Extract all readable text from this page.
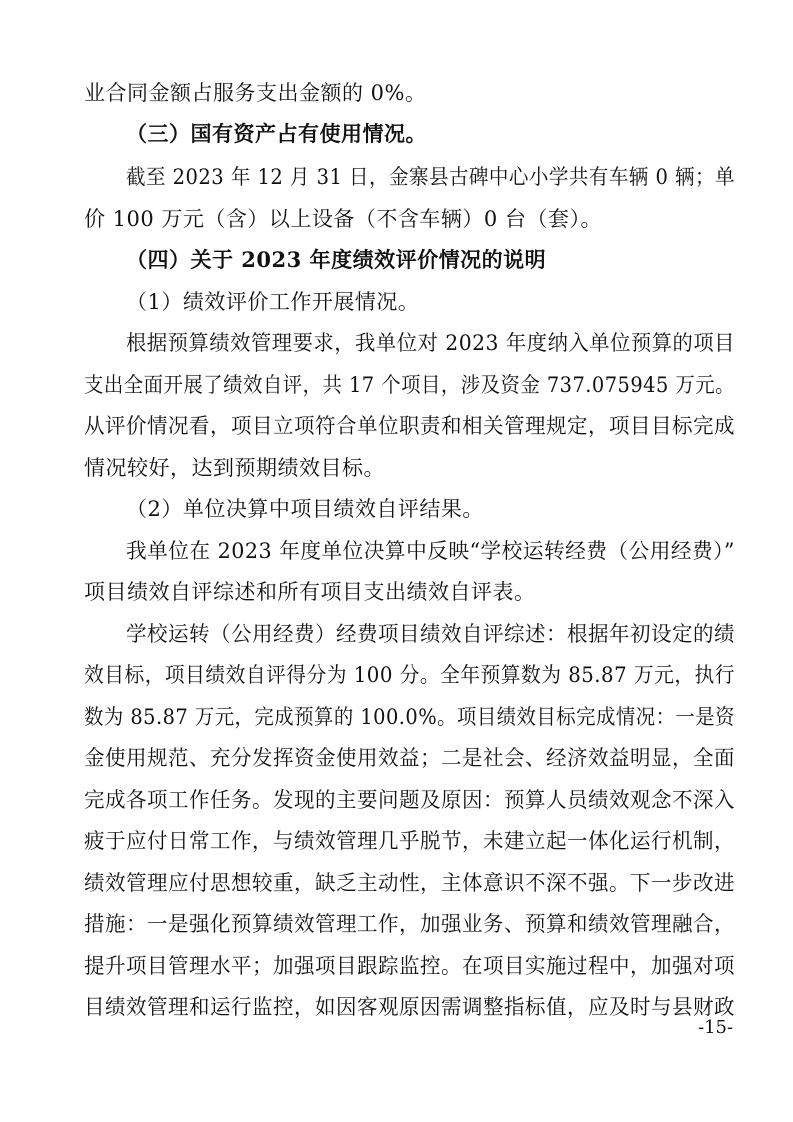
业合同金额占服务支出金额的 0%。
（三）国有资产占有使用情况。
截至 2023 年 12 月 31 日，金寨县古碑中心小学共有车辆 0 辆；单
价 100 万元（含）以上设备（不含车辆）0 台（套）。
（四）关于 2023 年度绩效评价情况的说明
（1）绩效评价工作开展情况。
根据预算绩效管理要求，我单位对 2023 年度纳入单位预算的项目
支出全面开展了绩效自评，共 17 个项目，涉及资金 737.075945 万元。
从评价情况看，项目立项符合单位职责和相关管理规定，项目目标完成
情况较好，达到预期绩效目标。
（2）单位决算中项目绩效自评结果。
我单位在 2023 年度单位决算中反映“学校运转经费（公用经费）”
项目绩效自评综述和所有项目支出绩效自评表。
学校运转（公用经费）经费项目绩效自评综述：根据年初设定的绩
效目标，项目绩效自评得分为 100 分。全年预算数为 85.87 万元，执行
数为 85.87 万元，完成预算的 100.0%。项目绩效目标完成情况：一是资
金使用规范、充分发挥资金使用效益；二是社会、经济效益明显，全面
完成各项工作任务。发现的主要问题及原因：预算人员绩效观念不深入
疲于应付日常工作，与绩效管理几乎脱节，未建立起一体化运行机制，
绩效管理应付思想较重，缺乏主动性，主体意识不深不强。下一步改进
措施：一是强化预算绩效管理工作，加强业务、预算和绩效管理融合，
提升项目管理水平；加强项目跟踪监控。在项目实施过程中，加强对项
目绩效管理和运行监控，如因客观原因需调整指标值，应及时与县财政
-15-
